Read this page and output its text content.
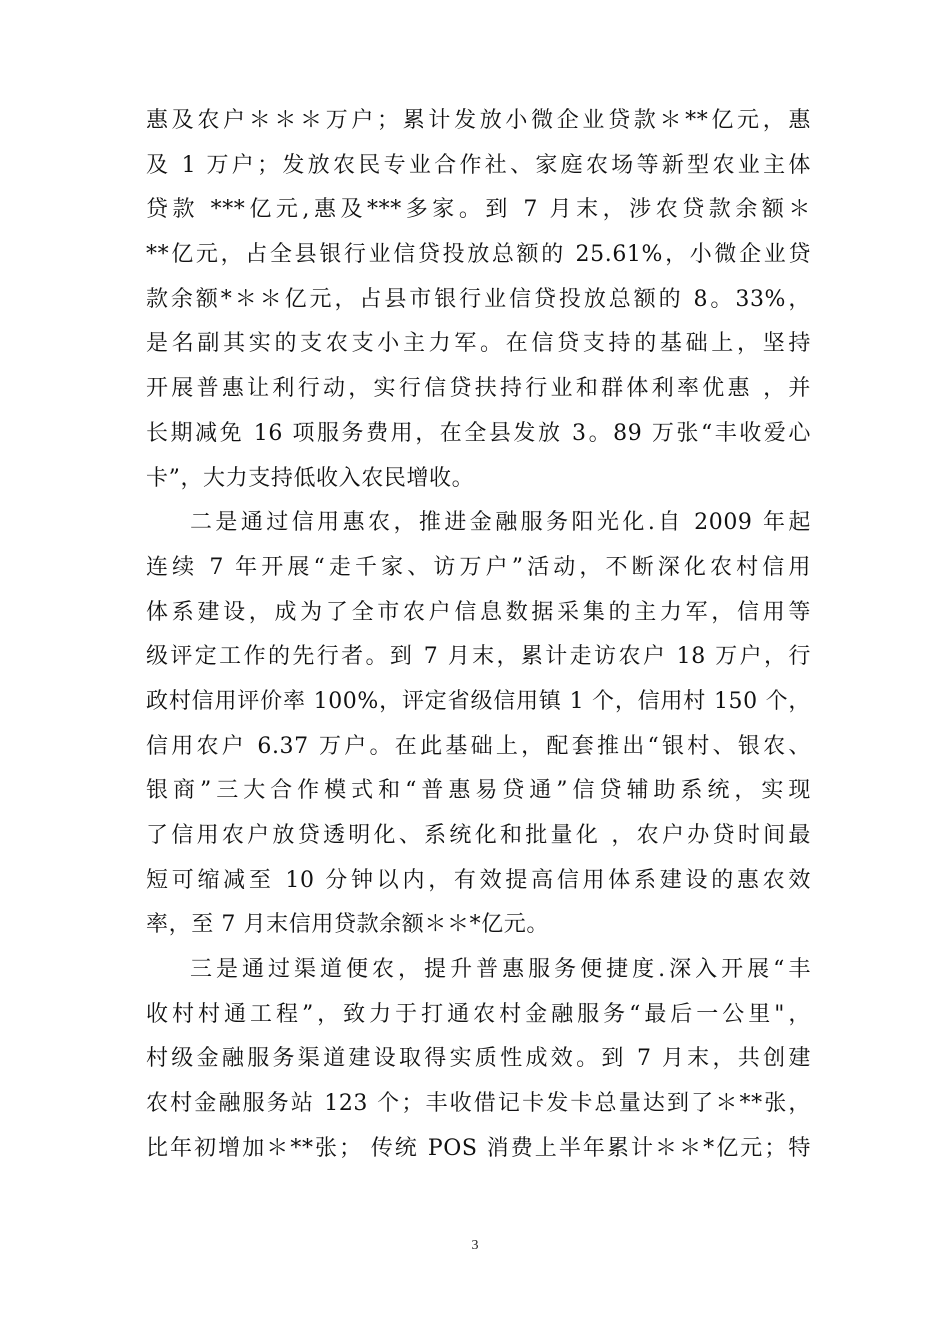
惠及农户＊＊＊万户；累计发放小微企业贷款＊**亿元，惠
及 1 万户；发放农民专业合作社、家庭农场等新型农业主体
贷款 ***亿元,惠及***多家。到 7 月末，涉农贷款余额＊
**亿元，占全县银行业信贷投放总额的 25.61%，小微企业贷
款余额*＊＊亿元，占县市银行业信贷投放总额的 8。33%，
是名副其实的支农支小主力军。在信贷支持的基础上，坚持
开展普惠让利行动，实行信贷扶持行业和群体利率优惠 ，并
长期减免 16 项服务费用，在全县发放 3。89 万张“丰收爱心
卡”，大力支持低收入农民增收。
二是通过信用惠农，推进金融服务阳光化.自 2009 年起
连续 7 年开展“走千家、访万户”活动，不断深化农村信用
体系建设，成为了全市农户信息数据采集的主力军，信用等
级评定工作的先行者。到 7 月末，累计走访农户 18 万户，行
政村信用评价率 100%，评定省级信用镇 1 个，信用村 150 个，
信用农户 6.37 万户。在此基础上，配套推出“银村、银农、
银商”三大合作模式和“普惠易贷通”信贷辅助系统，实现
了信用农户放贷透明化、系统化和批量化 ，农户办贷时间最
短可缩减至 10 分钟以内，有效提高信用体系建设的惠农效
率，至 7 月末信用贷款余额＊＊*亿元。
三是通过渠道便农，提升普惠服务便捷度.深入开展“丰
收村村通工程”，致力于打通农村金融服务“最后一公里"，
村级金融服务渠道建设取得实质性成效。到 7 月末，共创建
农村金融服务站 123 个；丰收借记卡发卡总量达到了＊**张，
比年初增加＊**张； 传统 POS 消费上半年累计＊＊*亿元；特
3
